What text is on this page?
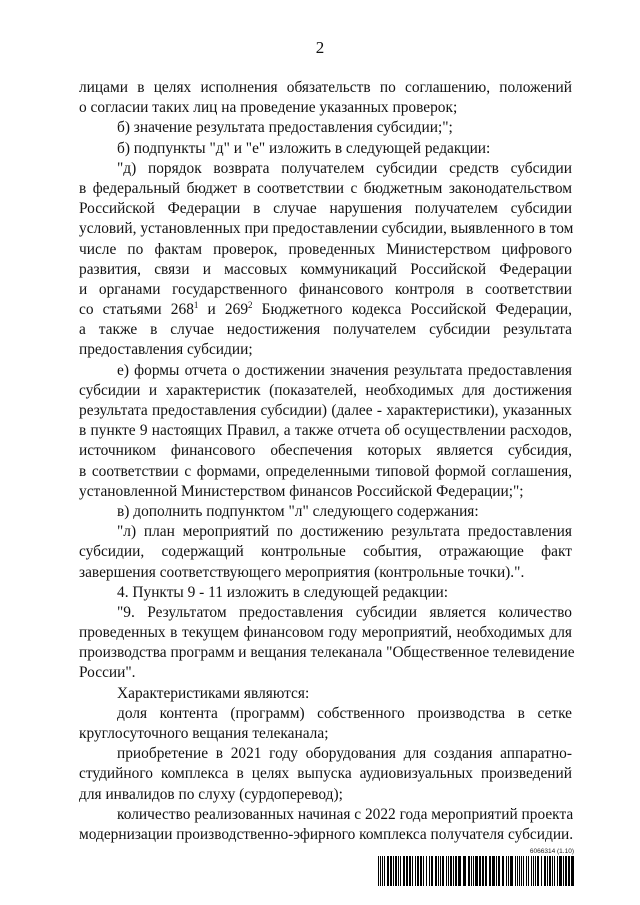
2
лицами в целях исполнения обязательств по соглашению, положений
о согласии таких лиц на проведение указанных проверок;
б) значение результата предоставления субсидии;";
б) подпункты "д" и "е" изложить в следующей редакции:
"д) порядок возврата получателем субсидии средств субсидии
в федеральный бюджет в соответствии с бюджетным законодательством
Российской Федерации в случае нарушения получателем субсидии
условий, установленных при предоставлении субсидии, выявленного в том
числе по фактам проверок, проведенных Министерством цифрового
развития, связи и массовых коммуникаций Российской Федерации
и органами государственного финансового контроля в соответствии
со статьями $268^1$ и $269^2$ Бюджетного кодекса Российской Федерации,
а также в случае недостижения получателем субсидии результата
предоставления субсидии;
е) формы отчета о достижении значения результата предоставления
субсидии и характеристик (показателей, необходимых для достижения
результата предоставления субсидии) (далее - характеристики), указанных
в пункте 9 настоящих Правил, а также отчета об осуществлении расходов,
источником финансового обеспечения которых является субсидия,
в соответствии с формами, определенными типовой формой соглашения,
установленной Министерством финансов Российской Федерации;";
в) дополнить подпунктом "л" следующего содержания:
"л) план мероприятий по достижению результата предоставления
субсидии, содержащий контрольные события, отражающие факт
завершения соответствующего мероприятия (контрольные точки).".
4. Пункты 9 - 11 изложить в следующей редакции:
"9. Результатом предоставления субсидии является количество
проведенных в текущем финансовом году мероприятий, необходимых для
производства программ и вещания телеканала "Общественное телевидение
России".
Характеристиками являются:
доля контента (программ) собственного производства в сетке
круглосуточного вещания телеканала;
приобретение в 2021 году оборудования для создания аппаратно-
студийного комплекса в целях выпуска аудиовизуальных произведений
для инвалидов по слуху (сурдоперевод);
количество реализованных начиная с 2022 года мероприятий проекта
модернизации производственно-эфирного комплекса получателя субсидии.
6066314 (1.10)
